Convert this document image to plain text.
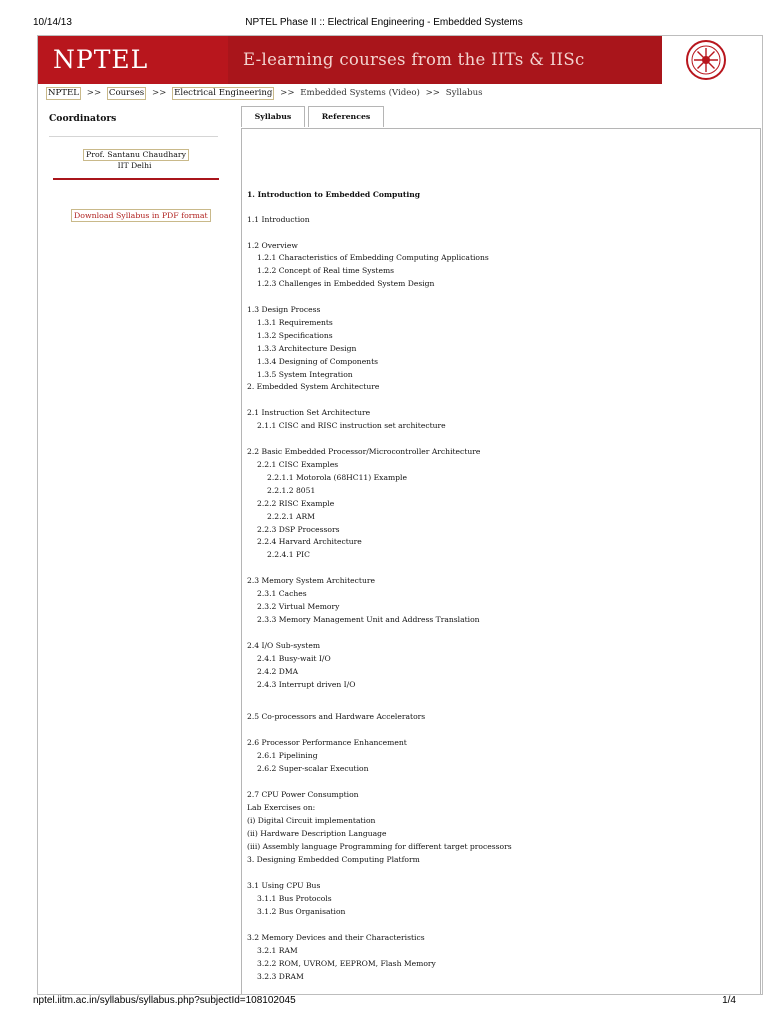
10/14/13	NPTEL Phase II :: Electrical Engineering - Embedded Systems
NPTEL	E-learning courses from the IITs & IISc
NPTEL >> Courses >> Electrical Engineering >> Embedded Systems (Video) >> Syllabus
Coordinators
Prof. Santanu Chaudhary
IIT Delhi
Download Syllabus in PDF format
Syllabus	References
1. Introduction to Embedded Computing
1.1 Introduction
1.2 Overview
1.2.1 Characteristics of Embedding Computing Applications
1.2.2 Concept of Real time Systems
1.2.3 Challenges in Embedded System Design
1.3 Design Process
1.3.1 Requirements
1.3.2 Specifications
1.3.3 Architecture Design
1.3.4 Designing of Components
1.3.5 System Integration
2. Embedded System Architecture
2.1 Instruction Set Architecture
2.1.1 CISC and RISC instruction set architecture
2.2 Basic Embedded Processor/Microcontroller Architecture
2.2.1 CISC Examples
2.2.1.1 Motorola (68HC11) Example
2.2.1.2 8051
2.2.2 RISC Example
2.2.2.1 ARM
2.2.3 DSP Processors
2.2.4 Harvard Architecture
2.2.4.1 PIC
2.3 Memory System Architecture
2.3.1 Caches
2.3.2 Virtual Memory
2.3.3 Memory Management Unit and Address Translation
2.4 I/O Sub-system
2.4.1 Busy-wait I/O
2.4.2 DMA
2.4.3 Interrupt driven I/O
2.5 Co-processors and Hardware Accelerators
2.6 Processor Performance Enhancement
2.6.1 Pipelining
2.6.2 Super-scalar Execution
2.7 CPU Power Consumption
Lab Exercises on:
(i) Digital Circuit implementation
(ii) Hardware Description Language
(iii) Assembly language Programming for different target processors
3. Designing Embedded Computing Platform
3.1 Using CPU Bus
3.1.1 Bus Protocols
3.1.2 Bus Organisation
3.2 Memory Devices and their Characteristics
3.2.1 RAM
3.2.2 ROM, UVROM, EEPROM, Flash Memory
3.2.3 DRAM
nptel.iitm.ac.in/syllabus/syllabus.php?subjectId=108102045	1/4
